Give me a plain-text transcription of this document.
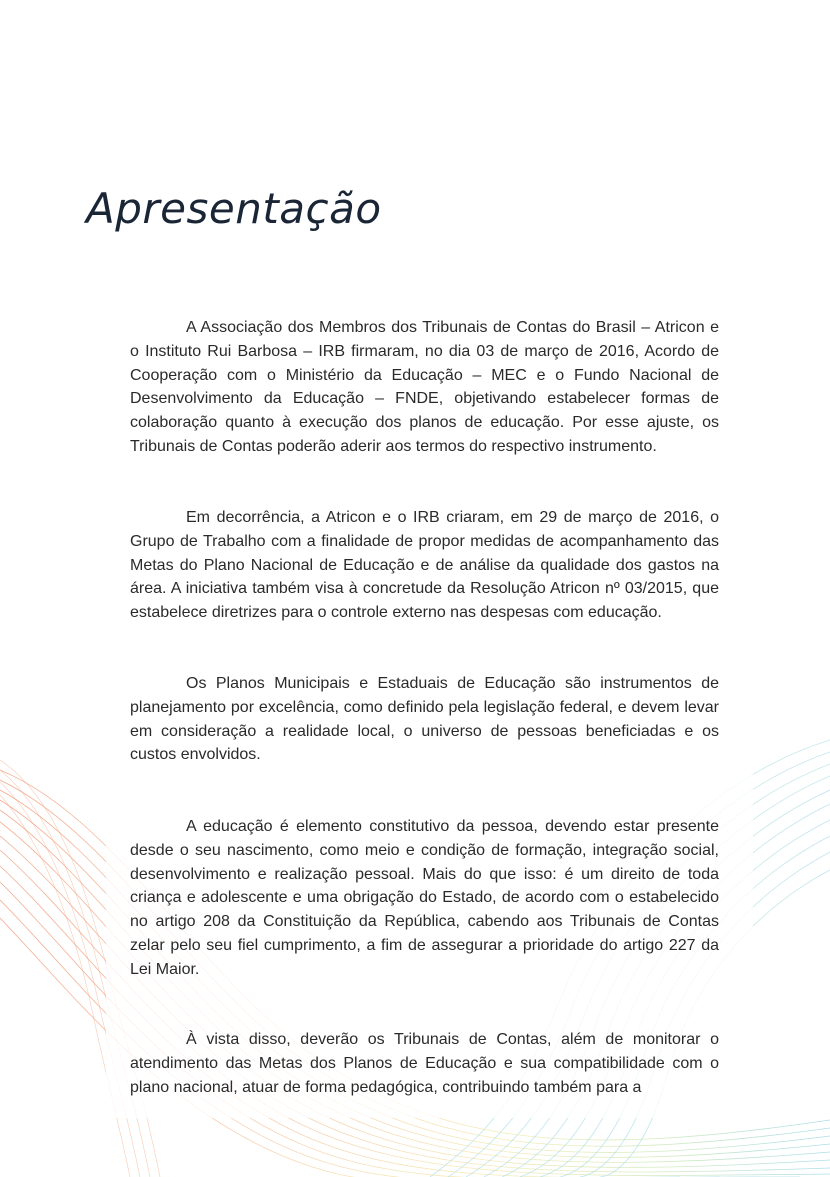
Apresentação

A Associação dos Membros dos Tribunais de Contas do Brasil – Atricon e o Instituto Rui Barbosa – IRB firmaram, no dia 03 de março de 2016, Acordo de Cooperação com o Ministério da Educação – MEC e o Fundo Nacional de Desenvolvimento da Educação – FNDE, objetivando estabelecer formas de colaboração quanto à execução dos planos de educação. Por esse ajuste, os Tribunais de Contas poderão aderir aos termos do respectivo instrumento.

Em decorrência, a Atricon e o IRB criaram, em 29 de março de 2016, o Grupo de Trabalho com a finalidade de propor medidas de acompanhamento das Metas do Plano Nacional de Educação e de análise da qualidade dos gastos na área. A iniciativa também visa à concretude da Resolução Atricon nº 03/2015, que estabelece diretrizes para o controle externo nas despesas com educação.

Os Planos Municipais e Estaduais de Educação são instrumentos de planejamento por excelência, como definido pela legislação federal, e devem levar em consideração a realidade local, o universo de pessoas beneficiadas e os custos envolvidos.

A educação é elemento constitutivo da pessoa, devendo estar presente desde o seu nascimento, como meio e condição de formação, integração social, desenvolvimento e realização pessoal. Mais do que isso: é um direito de toda criança e adolescente e uma obrigação do Estado, de acordo com o estabelecido no artigo 208 da Constituição da República, cabendo aos Tribunais de Contas zelar pelo seu fiel cumprimento, a fim de assegurar a prioridade do artigo 227 da Lei Maior.

À vista disso, deverão os Tribunais de Contas, além de monitorar o atendimento das Metas dos Planos de Educação e sua compatibilidade com o plano nacional, atuar de forma pedagógica, contribuindo também para a
